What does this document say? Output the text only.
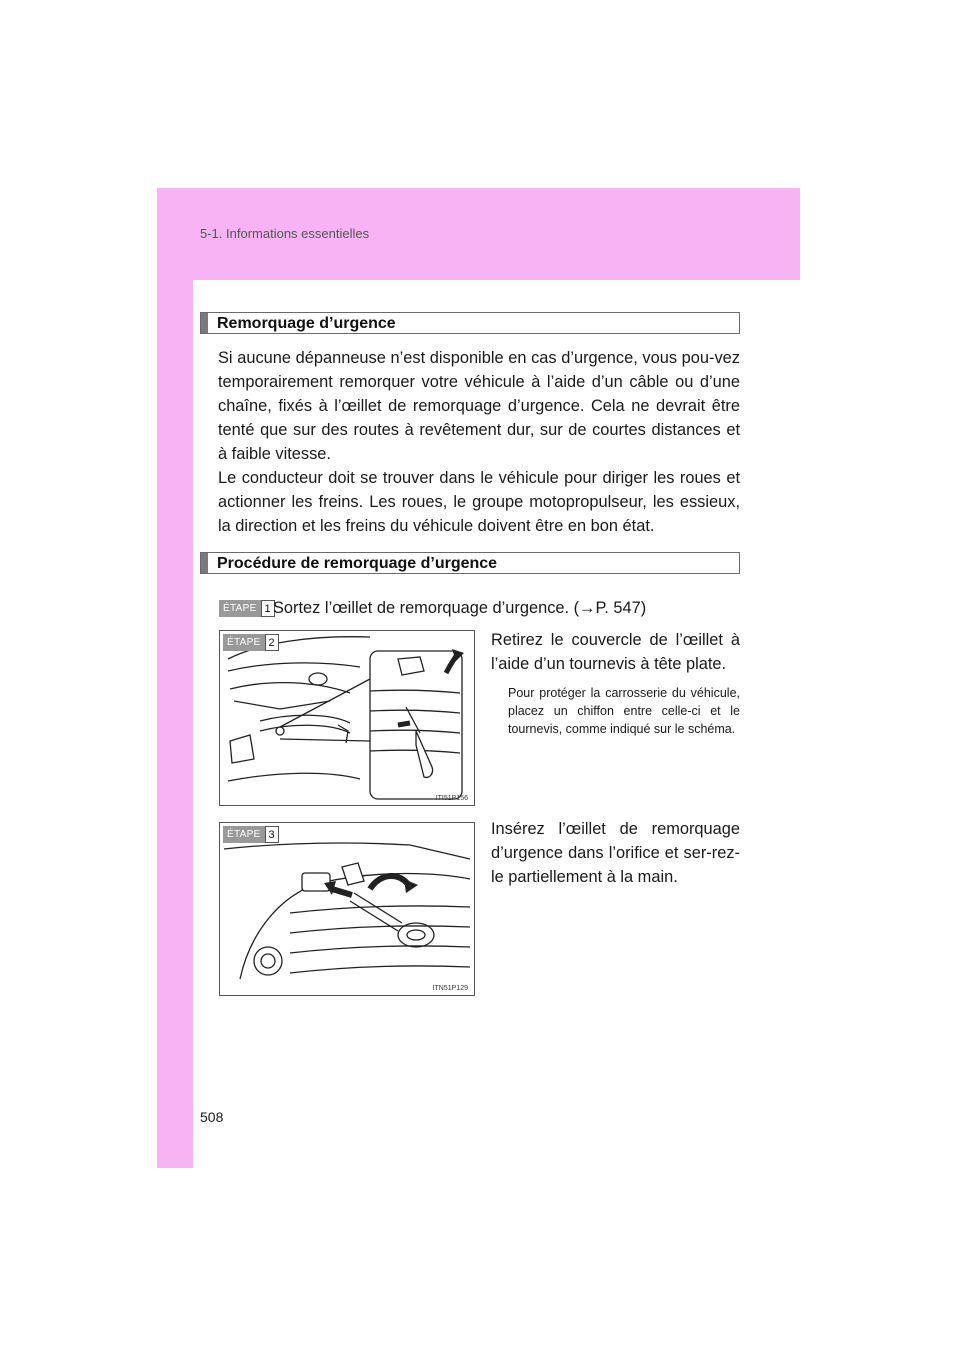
5-1. Informations essentielles
Remorquage d’urgence

Si aucune dépanneuse n’est disponible en cas d’urgence, vous pou-vez temporairement remorquer votre véhicule à l’aide d’un câble ou d’une chaîne, fixés à l’œillet de remorquage d’urgence. Cela ne devrait être tenté que sur des routes à revêtement dur, sur de courtes distances et à faible vitesse.

Le conducteur doit se trouver dans le véhicule pour diriger les roues et actionner les freins. Les roues, le groupe motopropulseur, les essieux, la direction et les freins du véhicule doivent être en bon état.

Procédure de remorquage d’urgence
ÉTAPE 1 Sortez l’œillet de remorquage d’urgence. (→P. 547)
ÉTAPE 2
ITI51P156

Retirez le couvercle de l’œillet à l’aide d’un tournevis à tête plate.

Pour protéger la carrosserie du véhicule, placez un chiffon entre celle-ci et le tournevis, comme indiqué sur le schéma.

ÉTAPE 3
ITN51P129

Insérez l’œillet de remorquage d’urgence dans l’orifice et ser-rez-le partiellement à la main.

508
